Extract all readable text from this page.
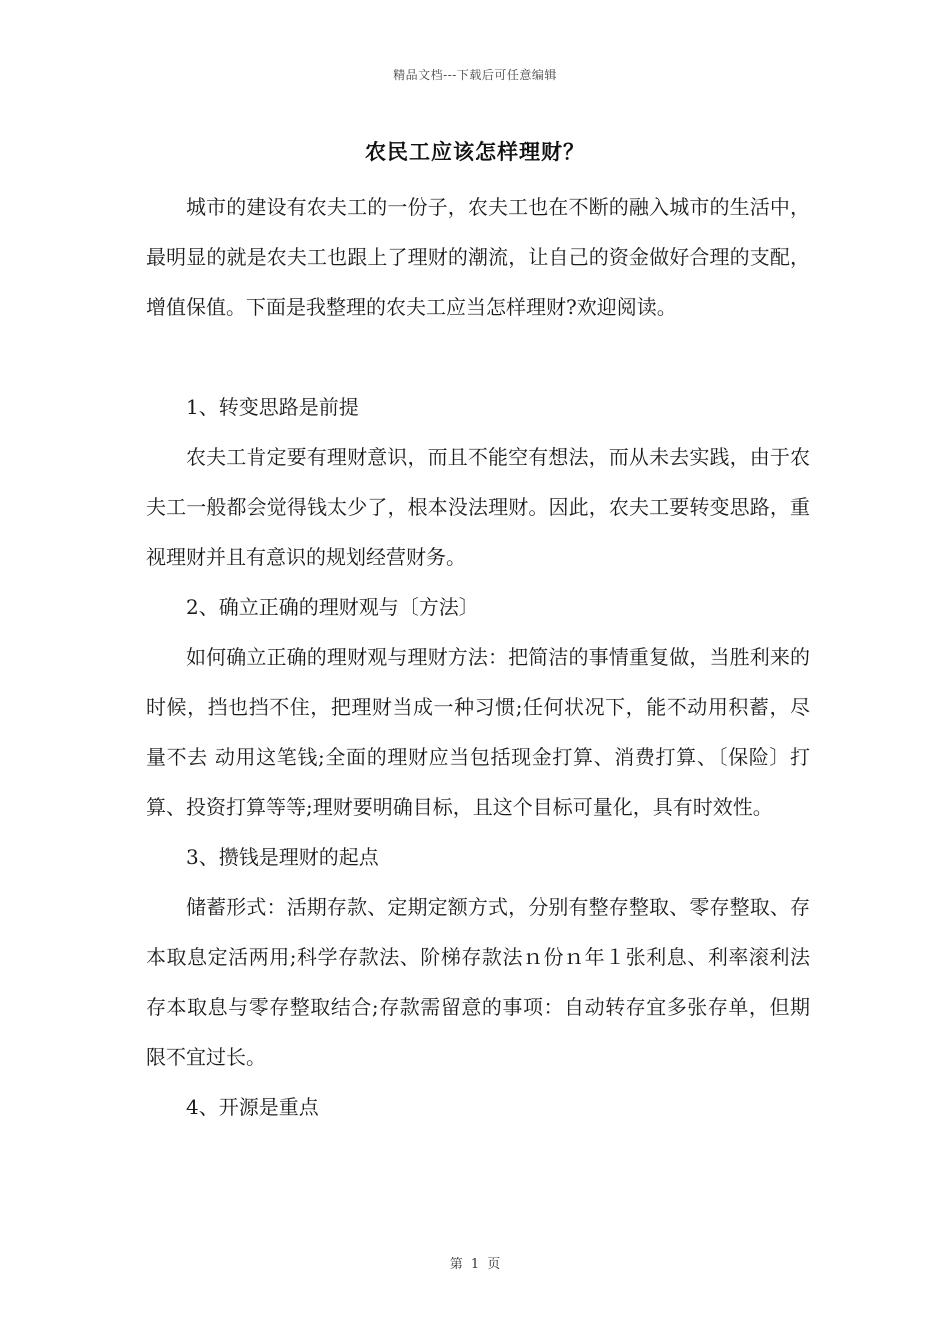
精品文档---下载后可任意编辑
农民工应该怎样理财？

城市的建设有农夫工的一份子，农夫工也在不断的融入城市的生活中，最明显的就是农夫工也跟上了理财的潮流，让自己的资金做好合理的支配，增值保值。下面是我整理的农夫工应当怎样理财?欢迎阅读。

1、转变思路是前提

农夫工肯定要有理财意识，而且不能空有想法，而从未去实践，由于农夫工一般都会觉得钱太少了，根本没法理财。因此，农夫工要转变思路，重视理财并且有意识的规划经营财务。

2、确立正确的理财观与〔方法〕

如何确立正确的理财观与理财方法：把简洁的事情重复做，当胜利来的时候，挡也挡不住，把理财当成一种习惯;任何状况下，能不动用积蓄，尽量不去 动用这笔钱;全面的理财应当包括现金打算、消费打算、〔保险〕打算、投资打算等等;理财要明确目标，且这个目标可量化，具有时效性。

3、攒钱是理财的起点

储蓄形式：活期存款、定期定额方式，分别有整存整取、零存整取、存本取息定活两用;科学存款法、阶梯存款法ｎ份ｎ年１张利息、利率滚利法存本取息与零存整取结合;存款需留意的事项：自动转存宜多张存单，但期限不宜过长。

4、开源是重点

第 1 页
